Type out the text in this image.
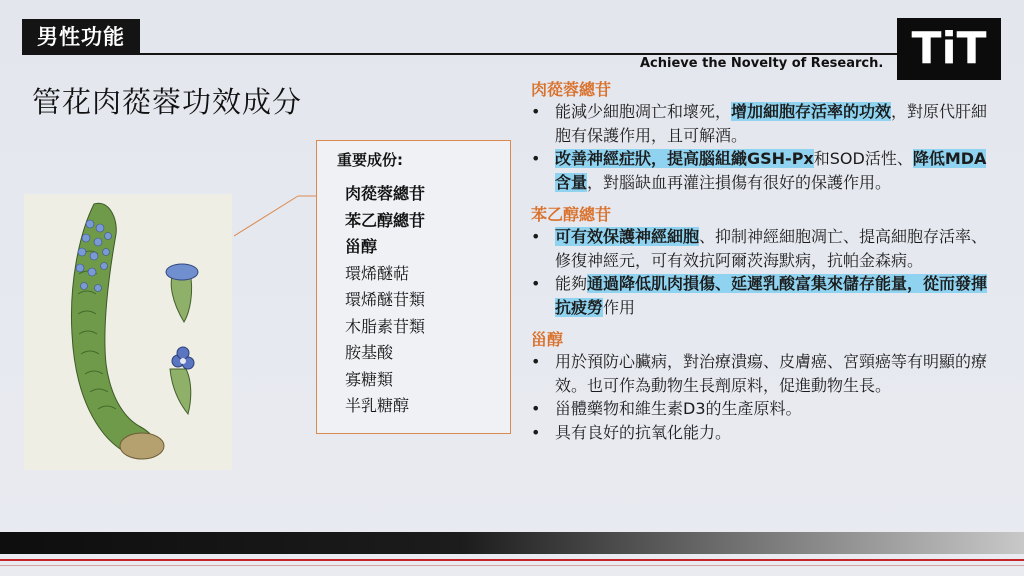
男性功能
Achieve the Novelty of Research. TiT
管花肉蓯蓉功效成分
重要成份:
肉蓯蓉總苷
苯乙醇總苷
甾醇
環烯醚萜
環烯醚苷類
木脂素苷類
胺基酸
寡糖類
半乳糖醇
肉蓯蓉總苷
• 能減少細胞凋亡和壞死，增加細胞存活率的功效，對原代肝細胞有保護作用，且可解酒。
• 改善神經症狀，提高腦組織GSH-Px和SOD活性、降低MDA含量，對腦缺血再灌注損傷有很好的保護作用。
苯乙醇總苷
• 可有效保護神經細胞、抑制神經細胞凋亡、提高細胞存活率、修復神經元，可有效抗阿爾茨海默病，抗帕金森病。
• 能夠通過降低肌肉損傷、延遲乳酸富集來儲存能量，從而發揮抗疲勞作用
甾醇
• 用於預防心臟病，對治療潰瘍、皮膚癌、宮頸癌等有明顯的療效。也可作為動物生長劑原料，促進動物生長。
• 甾體藥物和維生素D3的生產原料。
• 具有良好的抗氧化能力。
